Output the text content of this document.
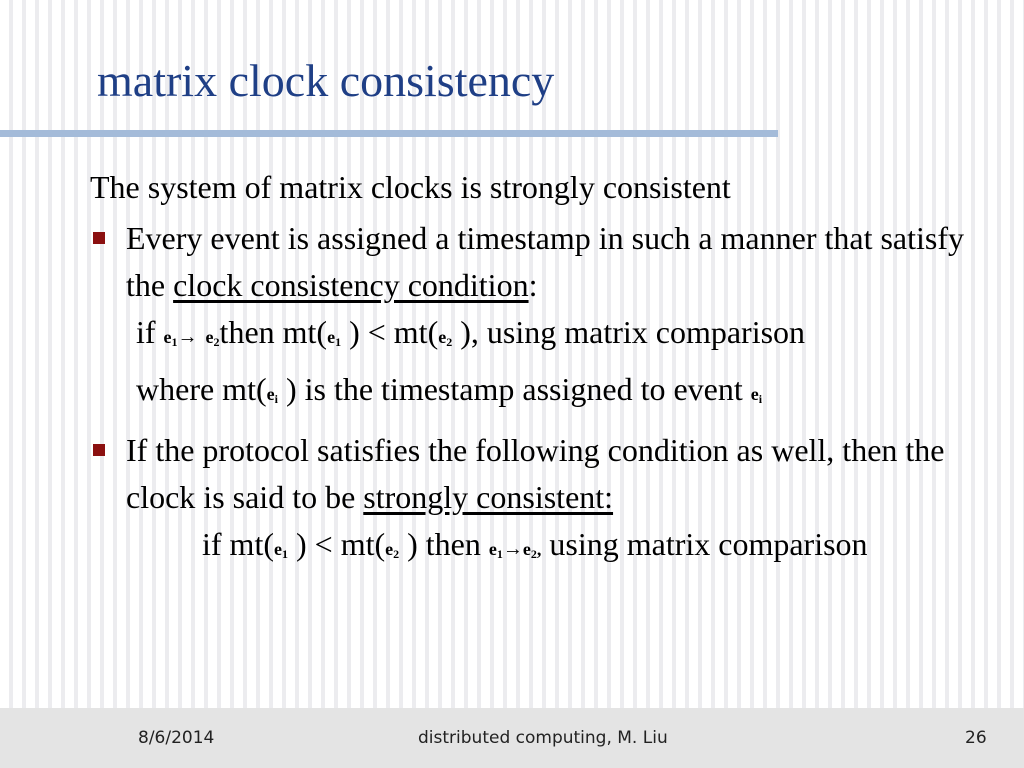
matrix clock consistency

The system of matrix clocks is strongly consistent

Every event is assigned a timestamp in such a manner that satisfy the clock consistency condition:

if $e_1\to$ $e_2then$ $mt(e_1$ ) < $mt(e_2$ ), using matrix comparison

where $mt(e_i$ ) is the timestamp assigned to event $e_i$

If the protocol satisfies the following condition as well, then the clock is said to be strongly consistent:

if $mt(e_1$ ) < $mt(e_2$ ) then $e_1\to e_2$, using matrix comparison

8/6/2014	distributed computing, M. Liu	26
